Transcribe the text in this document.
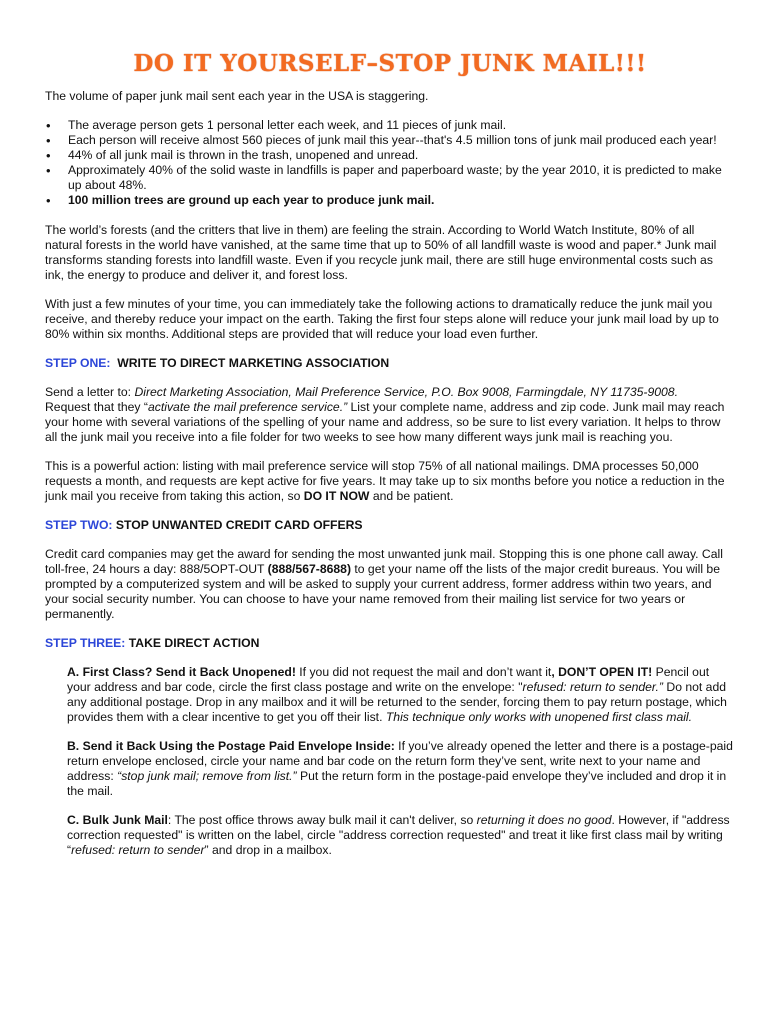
DO IT YOURSELF–STOP JUNK MAIL!!!

The volume of paper junk mail sent each year in the USA is staggering.

• The average person gets 1 personal letter each week, and 11 pieces of junk mail.
• Each person will receive almost 560 pieces of junk mail this year--that's 4.5 million tons of junk mail produced each year!
• 44% of all junk mail is thrown in the trash, unopened and unread.
• Approximately 40% of the solid waste in landfills is paper and paperboard waste; by the year 2010, it is predicted to make up about 48%.
• 100 million trees are ground up each year to produce junk mail.

The world’s forests (and the critters that live in them) are feeling the strain. According to World Watch Institute, 80% of all natural forests in the world have vanished, at the same time that up to 50% of all landfill waste is wood and paper.* Junk mail transforms standing forests into landfill waste. Even if you recycle junk mail, there are still huge environmental costs such as ink, the energy to produce and deliver it, and forest loss.

With just a few minutes of your time, you can immediately take the following actions to dramatically reduce the junk mail you receive, and thereby reduce your impact on the earth. Taking the first four steps alone will reduce your junk mail load by up to 80% within six months. Additional steps are provided that will reduce your load even further.

STEP ONE: WRITE TO DIRECT MARKETING ASSOCIATION

Send a letter to: Direct Marketing Association, Mail Preference Service, P.O. Box 9008, Farmingdale, NY 11735-9008.
Request that they “activate the mail preference service.” List your complete name, address and zip code. Junk mail may reach your home with several variations of the spelling of your name and address, so be sure to list every variation. It helps to throw all the junk mail you receive into a file folder for two weeks to see how many different ways junk mail is reaching you.

This is a powerful action: listing with mail preference service will stop 75% of all national mailings. DMA processes 50,000 requests a month, and requests are kept active for five years. It may take up to six months before you notice a reduction in the junk mail you receive from taking this action, so DO IT NOW and be patient.

STEP TWO: STOP UNWANTED CREDIT CARD OFFERS

Credit card companies may get the award for sending the most unwanted junk mail. Stopping this is one phone call away. Call toll-free, 24 hours a day: 888/5OPT-OUT (888/567-8688) to get your name off the lists of the major credit bureaus. You will be prompted by a computerized system and will be asked to supply your current address, former address within two years, and your social security number. You can choose to have your name removed from their mailing list service for two years or permanently.

STEP THREE: TAKE DIRECT ACTION

A. First Class? Send it Back Unopened! If you did not request the mail and don’t want it, DON’T OPEN IT! Pencil out your address and bar code, circle the first class postage and write on the envelope: "refused: return to sender.” Do not add any additional postage. Drop in any mailbox and it will be returned to the sender, forcing them to pay return postage, which provides them with a clear incentive to get you off their list. This technique only works with unopened first class mail.

B. Send it Back Using the Postage Paid Envelope Inside: If you’ve already opened the letter and there is a postage-paid return envelope enclosed, circle your name and bar code on the return form they’ve sent, write next to your name and address: “stop junk mail; remove from list.” Put the return form in the postage-paid envelope they’ve included and drop it in the mail.

C. Bulk Junk Mail: The post office throws away bulk mail it can't deliver, so returning it does no good. However, if "address correction requested" is written on the label, circle "address correction requested" and treat it like first class mail by writing “refused: return to sender” and drop in a mailbox.
